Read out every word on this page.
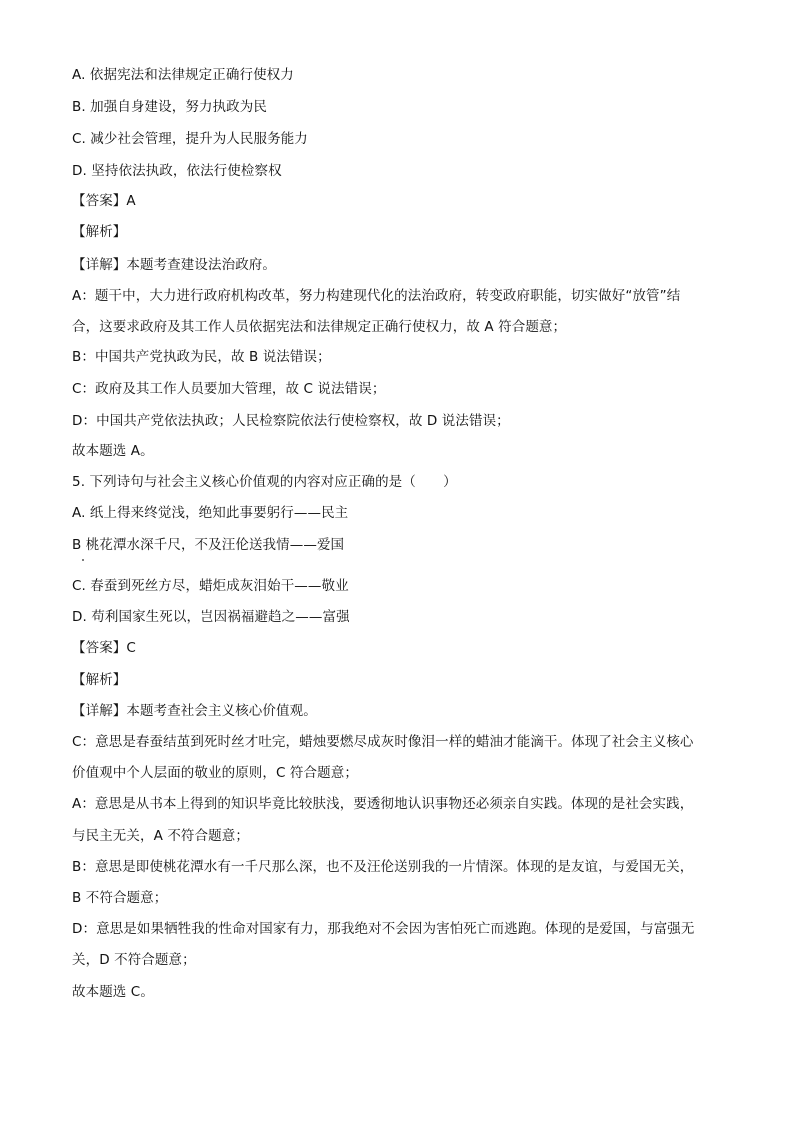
A. 依据宪法和法律规定正确行使权力
B. 加强自身建设，努力执政为民
C. 减少社会管理，提升为人民服务能力
D. 坚持依法执政，依法行使检察权
【答案】A
【解析】
【详解】本题考查建设法治政府。
A：题干中，大力进行政府机构改革，努力构建现代化的法治政府，转变政府职能，切实做好“放管”结
合，这要求政府及其工作人员依据宪法和法律规定正确行使权力，故 A 符合题意；
B：中国共产党执政为民，故 B 说法错误；
C：政府及其工作人员要加大管理，故 C 说法错误；
D：中国共产党依法执政；人民检察院依法行使检察权，故 D 说法错误；
故本题选 A。
5. 下列诗句与社会主义核心价值观的内容对应正确的是（　　）
A. 纸上得来终觉浅，绝知此事要躬行——民主
B 桃花潭水深千尺，不及汪伦送我情——爱国
C. 春蚕到死丝方尽，蜡炬成灰泪始干——敬业
D. 苟利国家生死以，岂因祸福避趋之——富强
【答案】C
【解析】
【详解】本题考查社会主义核心价值观。
C：意思是春蚕结茧到死时丝才吐完，蜡烛要燃尽成灰时像泪一样的蜡油才能滴干。体现了社会主义核心
价值观中个人层面的敬业的原则，C 符合题意；
A：意思是从书本上得到的知识毕竟比较肤浅，要透彻地认识事物还必须亲自实践。体现的是社会实践，
与民主无关，A 不符合题意；
B：意思是即使桃花潭水有一千尺那么深，也不及汪伦送别我的一片情深。体现的是友谊，与爱国无关，
B 不符合题意；
D：意思是如果牺牲我的性命对国家有力，那我绝对不会因为害怕死亡而逃跑。体现的是爱国，与富强无
关，D 不符合题意；
故本题选 C。
